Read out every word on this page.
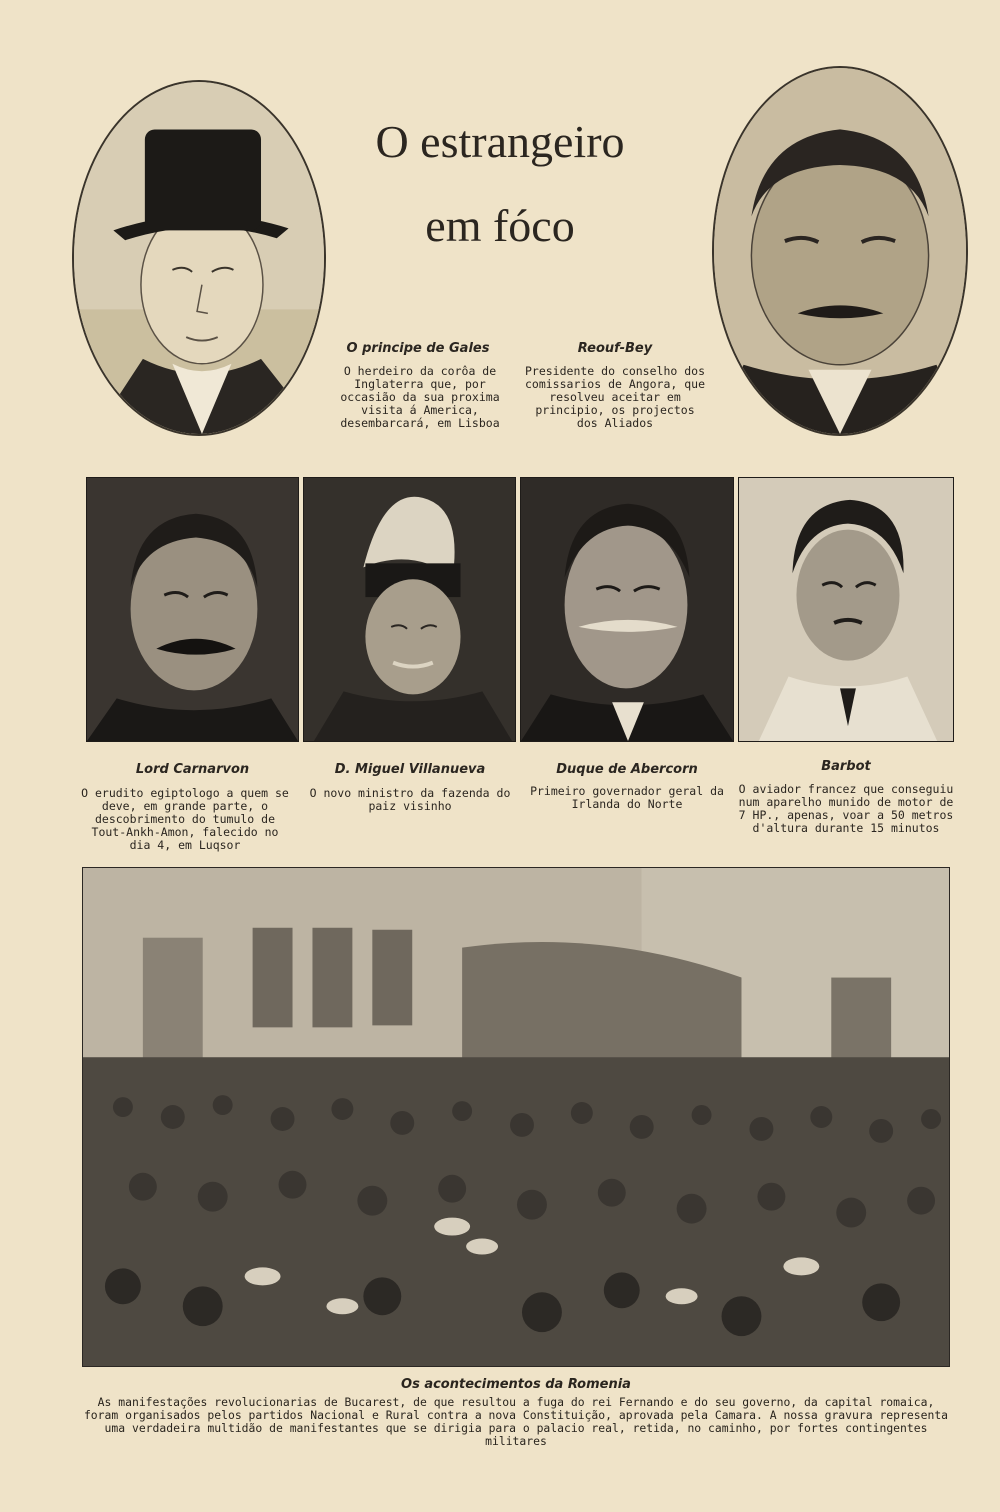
O estrangeiro
em fóco
O principe de Gales
O herdeiro da corôa de Inglaterra que, por occasião da sua proxima visita á America, desembarcará, em Lisboa
Reouf-Bey
Presidente do conselho dos comissarios de Angora, que resolveu aceitar em principio, os projectos dos Aliados
Lord Carnarvon
O erudito egiptologo a quem se deve, em grande parte, o descobrimento do tumulo de Tout-Ankh-Amon, falecido no dia 4, em Luqsor
D. Miguel Villanueva
O novo ministro da fazenda do paiz visinho
Duque de Abercorn
Primeiro governador geral da Irlanda do Norte
Barbot
O aviador francez que conseguiu num aparelho munido de motor de 7 HP., apenas, voar a 50 metros d'altura durante 15 minutos
Os acontecimentos da Romenia
As manifestações revolucionarias de Bucarest, de que resultou a fuga do rei Fernando e do seu governo, da capital romaica, foram organisados pelos partidos Nacional e Rural contra a nova Constituição, aprovada pela Camara. A nossa gravura representa uma verdadeira multidão de manifestantes que se dirigia para o palacio real, retida, no caminho, por fortes contingentes militares
